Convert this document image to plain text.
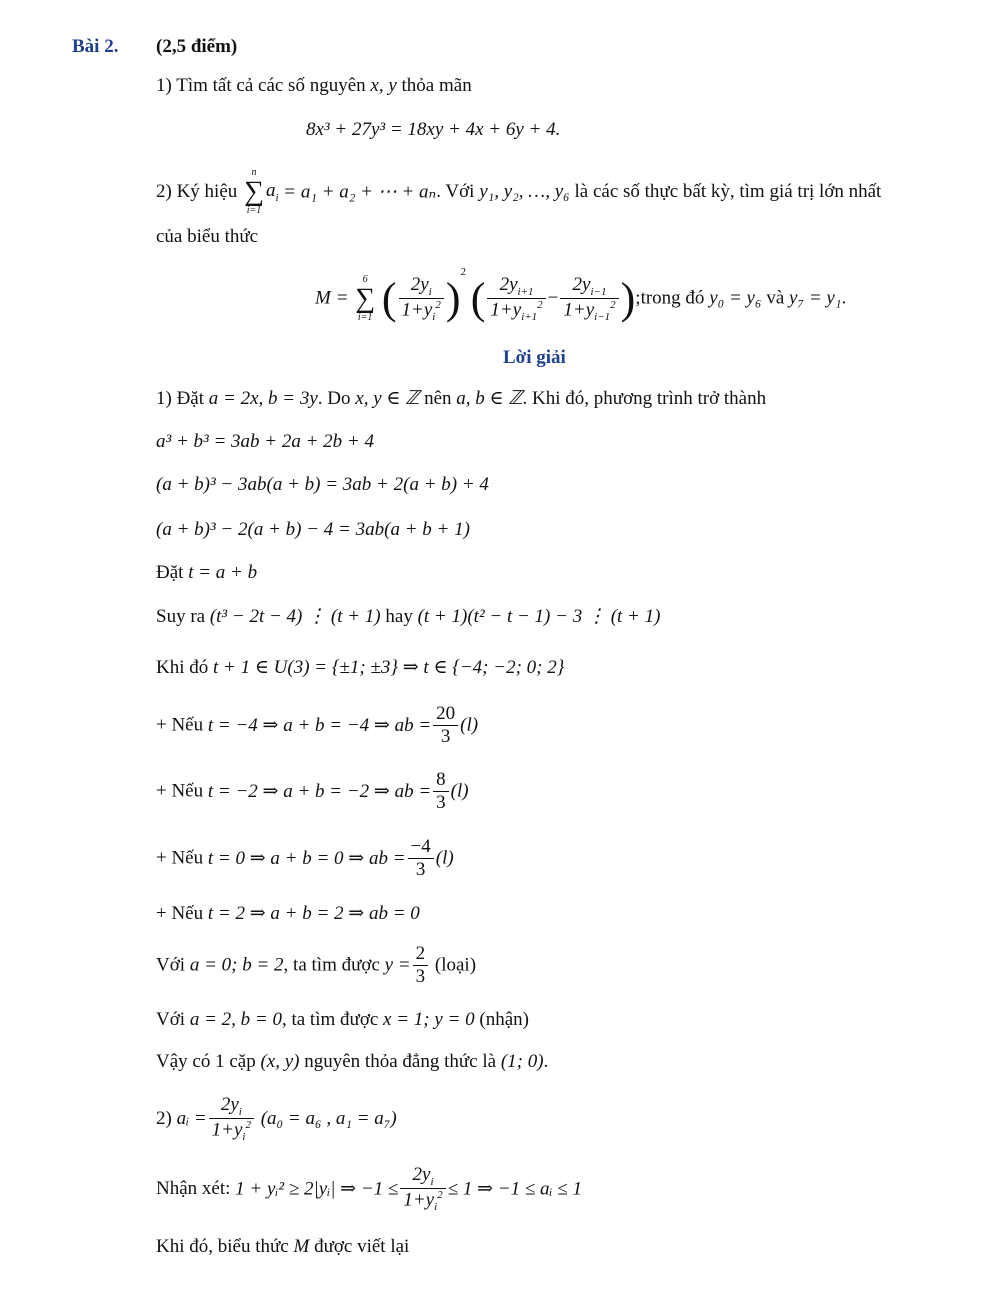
Bài 2. (2,5 điểm)
1) Tìm tất cả các số nguyên x, y thỏa mãn
8x³ + 27y³ = 18xy + 4x + 6y + 4.
2) Ký hiệu
n
∑
i=1
$a_i = a_1 + a_2$ + ⋯ + aₙ. Với y₁, y₂, …, y₆ là các số thực bất kỳ, tìm giá trị lớn nhất
của biểu thức
M =
6
∑
i=1 ( $\frac{2y_i}{1+y_i^2} )^2$ ( $\frac{2y_{i+1}}{1+y_{i+1}^2} - \frac{2y_{i-1}}{1+y_{i-1}^2}$ );trong đó y₀ = y₆ và y₇ = y₁.
Lời giải
1) Đặt a = 2x, b = 3y. Do x, y ∈ ℤ nên a, b ∈ ℤ. Khi đó, phương trình trở thành
a³ + b³ = 3ab + 2a + 2b + 4
(a + b)³ − 3ab(a + b) = 3ab + 2(a + b) + 4
(a + b)³ − 2(a + b) − 4 = 3ab(a + b + 1)
Đặt t = a + b
Suy ra (t³ − 2t − 4) ⋮ (t + 1) hay (t + 1)(t² − t − 1) − 3 ⋮ (t + 1)
Khi đó t + 1 ∈ U(3) = {±1; ±3} ⇒ t ∈ {−4; −2; 0; 2}
+ Nếu t = −4 ⇒ a + b = −4 ⇒ ab = $\frac{20}{3} (l)$
+ Nếu t = −2 ⇒ a + b = −2 ⇒ ab = $\frac{8}{3} (l)$
+ Nếu t = 0 ⇒ a + b = 0 ⇒ ab = $\frac{-4}{3} (l)$
+ Nếu t = 2 ⇒ a + b = 2 ⇒ ab = 0
Với a = 0; b = 2, ta tìm được $y = \frac{2}{3}$ (loại)
Với a = 2, b = 0, ta tìm được x = 1; y = 0 (nhận)
Vậy có 1 cặp (x, y) nguyên thỏa đẳng thức là (1; 0).
2) aᵢ = $\frac{2y_i}{1+y_i^2} (a_0 = a_6$ , a₁ = a₇)
Nhận xét: 1 + yᵢ² ≥ 2|yᵢ| ⇒ $-1 \le \frac{2y_i}{1+y_i^2} \le 1$ ⇒ −1 ≤ aᵢ ≤ 1
Khi đó, biểu thức M được viết lại
